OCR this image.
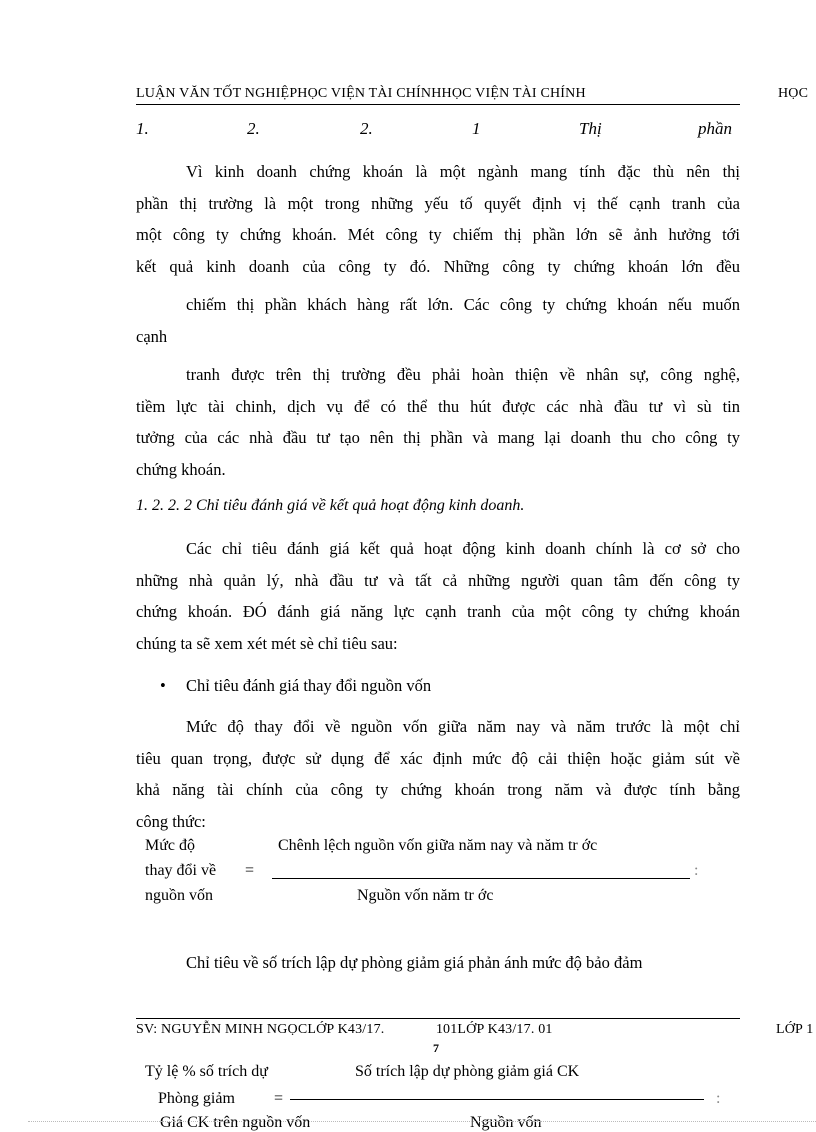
LUẬN VĂN TỐT NGHIỆPHỌC VIỆN TÀI CHÍNHHỌC VIỆN TÀI CHÍNH	HỌC
1.	2.	2.	1	Thị	phần
Vì kinh doanh chứng khoán là một ngành mang tính đặc thù nên thị
phần thị trường là một trong những yếu tố quyết định vị thế cạnh tranh của
một công ty chứng khoán. Mét công ty chiếm thị phần lớn sẽ ảnh hưởng tới
kết quả kinh doanh của công ty đó. Những công ty chứng khoán lớn đều
chiếm thị phần khách hàng rất lớn. Các công ty chứng khoán nếu muốn
cạnh
tranh được trên thị trường đều phải hoàn thiện về nhân sự, công nghệ,
tiềm lực tài chinh, dịch vụ để có thể thu hút được các nhà đầu tư vì sù tin
tưởng của các nhà đầu tư tạo nên thị phần và mang lại doanh thu cho công ty
chứng khoán.
1. 2. 2. 2 Chỉ tiêu đánh giá về kết quả hoạt động kinh doanh.
Các chỉ tiêu đánh giá kết quả hoạt động kinh doanh chính là cơ sở cho
những nhà quản lý, nhà đầu tư và tất cả những người quan tâm đến công ty
chứng khoán. ĐÓ đánh giá năng lực cạnh tranh của một công ty chứng khoán
chúng ta sẽ xem xét mét sè chỉ tiêu sau:
• Chỉ tiêu đánh giá thay đổi nguồn vốn
Mức độ thay đổi về nguồn vốn giữa năm nay và năm trước là một chỉ
tiêu quan trọng, được sử dụng để xác định mức độ cải thiện hoặc giảm sút về
khả năng tài chính của công ty chứng khoán trong năm và được tính bằng
công thức:
Mức độ
thay đổi về
nguồn vốn
=
Chênh lệch nguồn vốn giữa năm nay và năm tr ớc
:
Nguồn vốn năm tr ớc
Chỉ tiêu về số trích lập dự phòng giảm giá phản ánh mức độ bảo đảm
SV: NGUYỄN MINH NGỌCLỚP K43/17.	1 01LỚP K43/17. 01
7
LỚP 1
Tỷ lệ % số trích dự	Số trích lập dự phòng giảm giá CK
Phòng giảm =	:
Giá CK trên nguồn vốn	Nguồn vốn
